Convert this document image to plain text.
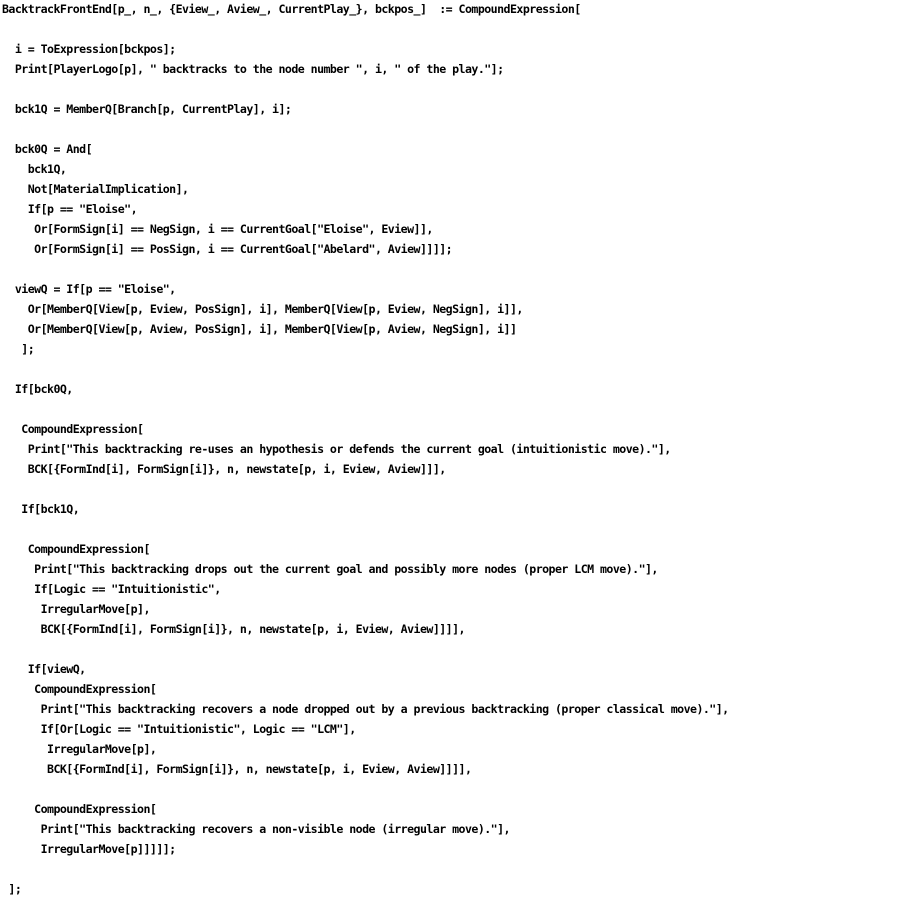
BacktrackFrontEnd[p_, n_, {Eview_, Aview_, CurrentPlay_}, bckpos_]  := CompoundExpression[
i = ToExpression[bckpos];
Print[PlayerLogo[p], " backtracks to the node number ", i, " of the play."];
bck1Q = MemberQ[Branch[p, CurrentPlay], i];
bck0Q = And[
bck1Q,
Not[MaterialImplication],
If[p == "Eloise",
Or[FormSign[i] == NegSign, i == CurrentGoal["Eloise", Eview]],
Or[FormSign[i] == PosSign, i == CurrentGoal["Abelard", Aview]]]];
viewQ = If[p == "Eloise",
Or[MemberQ[View[p, Eview, PosSign], i], MemberQ[View[p, Eview, NegSign], i]],
Or[MemberQ[View[p, Aview, PosSign], i], MemberQ[View[p, Aview, NegSign], i]]
];
If[bck0Q,
CompoundExpression[
Print["This backtracking re-uses an hypothesis or defends the current goal (intuitionistic move)."],
BCK[{FormInd[i], FormSign[i]}, n, newstate[p, i, Eview, Aview]]],
If[bck1Q,
CompoundExpression[
Print["This backtracking drops out the current goal and possibly more nodes (proper LCM move)."],
If[Logic == "Intuitionistic",
IrregularMove[p],
BCK[{FormInd[i], FormSign[i]}, n, newstate[p, i, Eview, Aview]]]],
If[viewQ,
CompoundExpression[
Print["This backtracking recovers a node dropped out by a previous backtracking (proper classical move)."],
If[Or[Logic == "Intuitionistic", Logic == "LCM"],
IrregularMove[p],
BCK[{FormInd[i], FormSign[i]}, n, newstate[p, i, Eview, Aview]]]],
CompoundExpression[
Print["This backtracking recovers a non-visible node (irregular move)."],
IrregularMove[p]]]]];
];
